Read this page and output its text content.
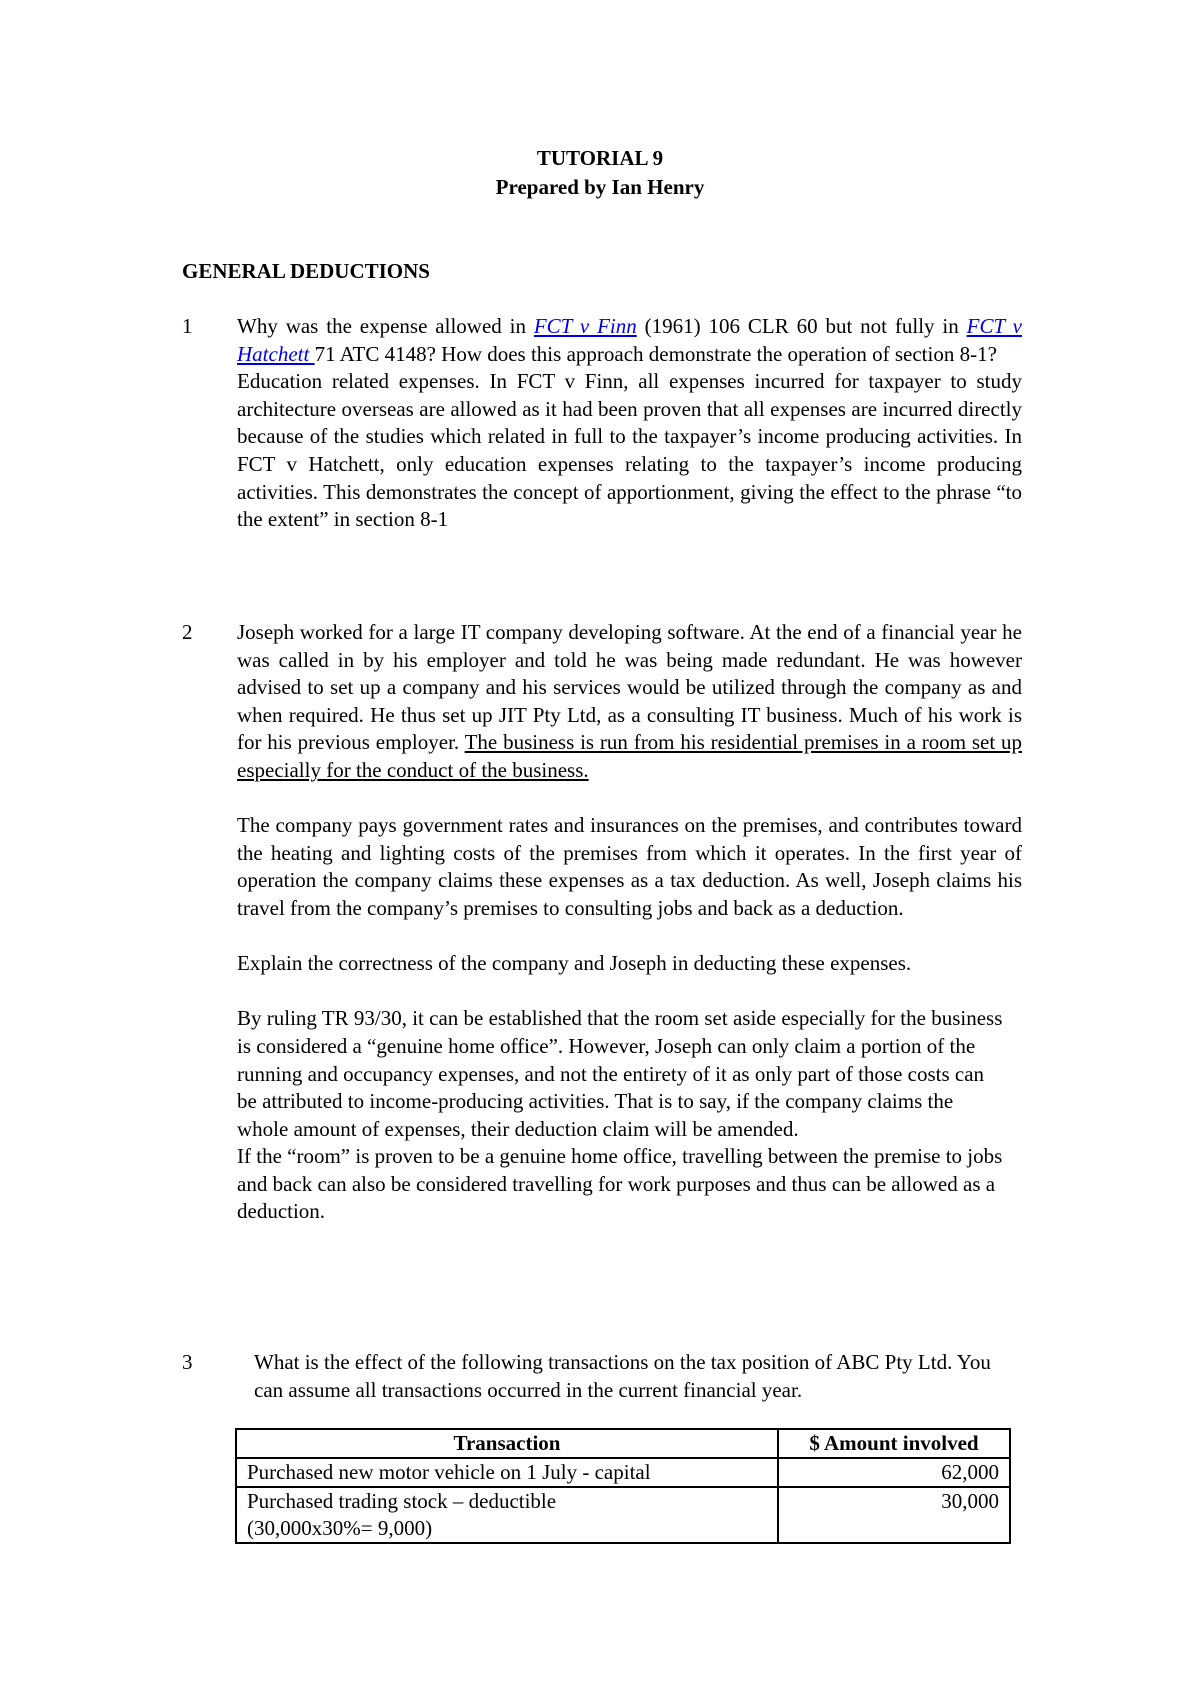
TUTORIAL 9
Prepared by Ian Henry
GENERAL DEDUCTIONS
1 Why was the expense allowed in FCT v Finn (1961) 106 CLR 60 but not fully in FCT v Hatchett 71 ATC 4148? How does this approach demonstrate the operation of section 8-1?

Education related expenses. In FCT v Finn, all expenses incurred for taxpayer to study architecture overseas are allowed as it had been proven that all expenses are incurred directly because of the studies which related in full to the taxpayer’s income producing activities. In FCT v Hatchett, only education expenses relating to the taxpayer’s income producing activities. This demonstrates the concept of apportionment, giving the effect to the phrase “to the extent” in section 8-1

2 Joseph worked for a large IT company developing software. At the end of a financial year he was called in by his employer and told he was being made redundant. He was however advised to set up a company and his services would be utilized through the company as and when required. He thus set up JIT Pty Ltd, as a consulting IT business. Much of his work is for his previous employer. The business is run from his residential premises in a room set up especially for the conduct of the business.

The company pays government rates and insurances on the premises, and contributes toward the heating and lighting costs of the premises from which it operates. In the first year of operation the company claims these expenses as a tax deduction. As well, Joseph claims his travel from the company’s premises to consulting jobs and back as a deduction.

Explain the correctness of the company and Joseph in deducting these expenses.

By ruling TR 93/30, it can be established that the room set aside especially for the business is considered a “genuine home office”. However, Joseph can only claim a portion of the running and occupancy expenses, and not the entirety of it as only part of those costs can be attributed to income-producing activities. That is to say, if the company claims the whole amount of expenses, their deduction claim will be amended.

If the “room” is proven to be a genuine home office, travelling between the premise to jobs and back can also be considered travelling for work purposes and thus can be allowed as a deduction.

3	What is the effect of the following transactions on the tax position of ABC Pty Ltd. You can assume all transactions occurred in the current financial year.
Transaction	$ Amount involved
Purchased new motor vehicle on 1 July - capital	62,000
Purchased trading stock – deductible
(30,000x30%= 9,000)	30,000
